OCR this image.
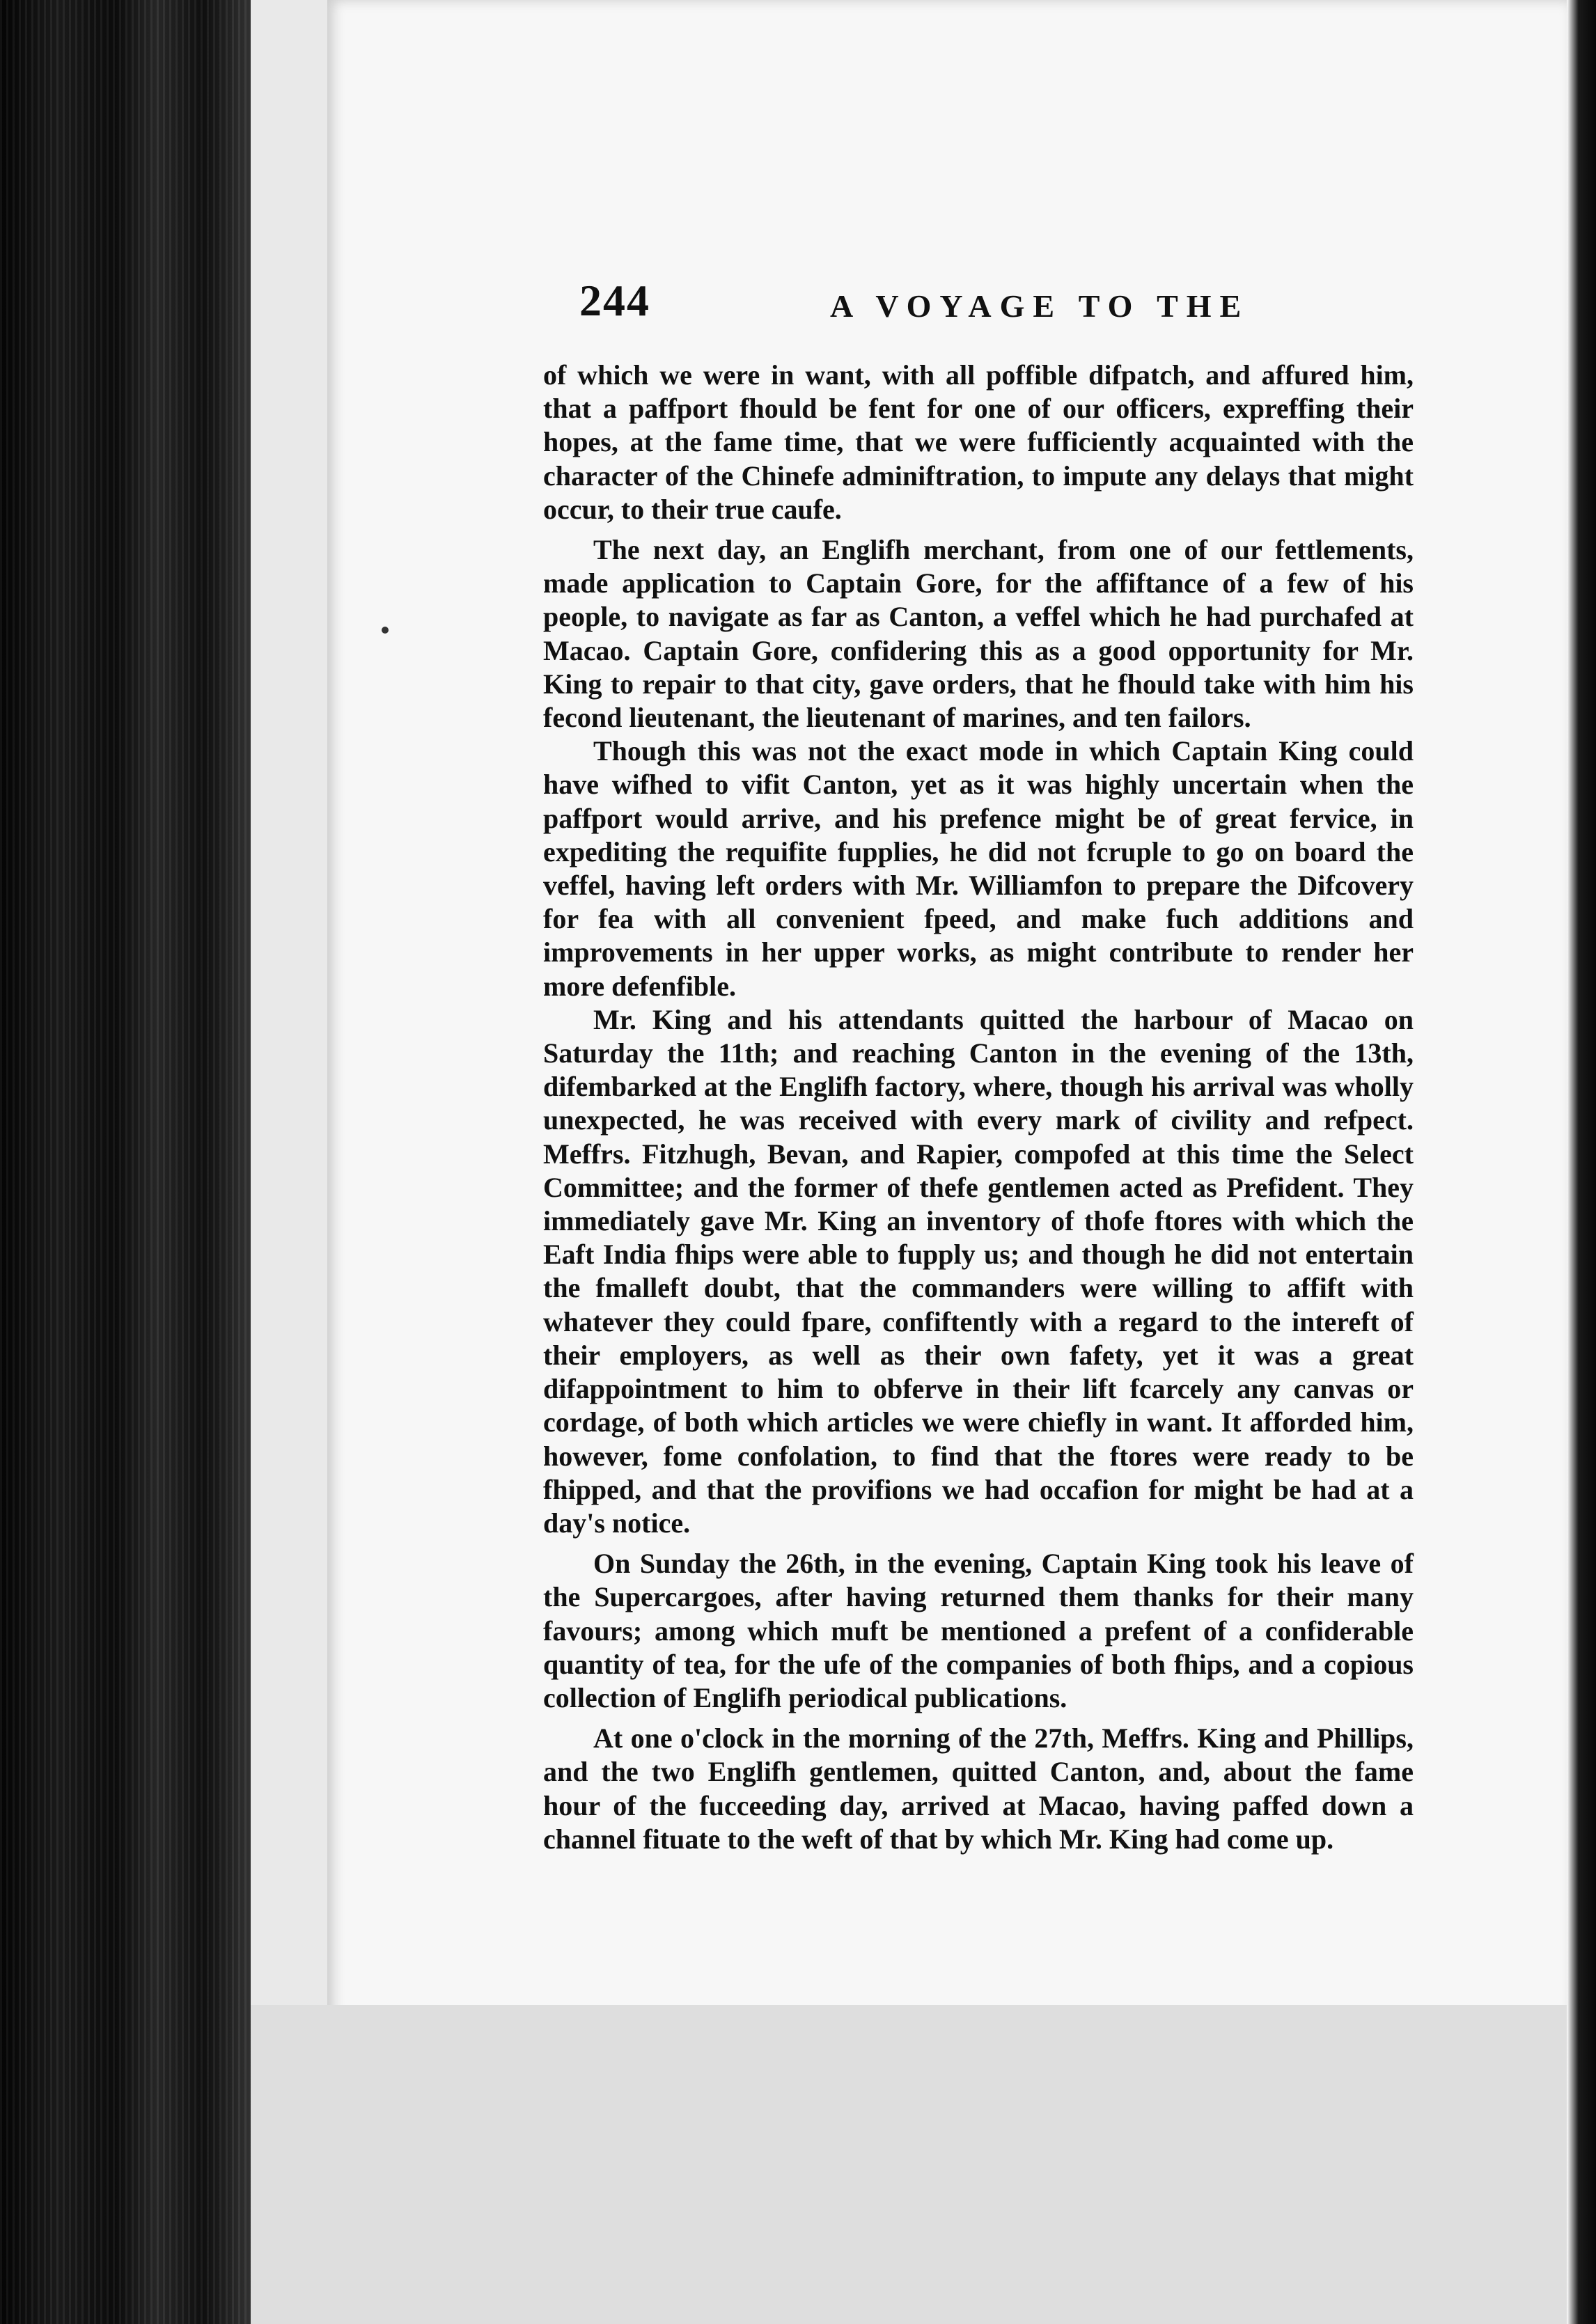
244	A VOYAGE TO THE

of which we were in want, with all poffible difpatch, and affured him, that a paffport fhould be fent for one of our officers, expreffing their hopes, at the fame time, that we were fufficiently acquainted with the character of the Chinefe adminiftration, to impute any delays that might occur, to their true caufe.

The next day, an Englifh merchant, from one of our fettlements, made application to Captain Gore, for the affiftance of a few of his people, to navigate as far as Canton, a veffel which he had purchafed at Macao. Captain Gore, confidering this as a good opportunity for Mr. King to repair to that city, gave orders, that he fhould take with him his fecond lieutenant, the lieutenant of marines, and ten failors.

Though this was not the exact mode in which Captain King could have wifhed to vifit Canton, yet as it was highly uncertain when the paffport would arrive, and his prefence might be of great fervice, in expediting the requifite fupplies, he did not fcruple to go on board the veffel, having left orders with Mr. Williamfon to prepare the Difcovery for fea with all convenient fpeed, and make fuch additions and improvements in her upper works, as might contribute to render her more defenfible.

Mr. King and his attendants quitted the harbour of Macao on Saturday the 11th; and reaching Canton in the evening of the 13th, difembarked at the Englifh factory, where, though his arrival was wholly unexpected, he was received with every mark of civility and refpect. Meffrs. Fitzhugh, Bevan, and Rapier, compofed at this time the Select Committee; and the former of thefe gentlemen acted as Prefident. They immediately gave Mr. King an inventory of thofe ftores with which the Eaft India fhips were able to fupply us; and though he did not entertain the fmalleft doubt, that the commanders were willing to affift with whatever they could fpare, confiftently with a regard to the intereft of their employers, as well as their own fafety, yet it was a great difappointment to him to obferve in their lift fcarcely any canvas or cordage, of both which articles we were chiefly in want. It afforded him, however, fome confolation, to find that the ftores were ready to be fhipped, and that the provifions we had occafion for might be had at a day's notice.

On Sunday the 26th, in the evening, Captain King took his leave of the Supercargoes, after having returned them thanks for their many favours; among which muft be mentioned a prefent of a confiderable quantity of tea, for the ufe of the companies of both fhips, and a copious collection of Englifh periodical publications.

At one o'clock in the morning of the 27th, Meffrs. King and Phillips, and the two Englifh gentlemen, quitted Canton, and, about the fame hour of the fucceeding day, arrived at Macao, having paffed down a channel fituate to the weft of that by which Mr. King had come up.
